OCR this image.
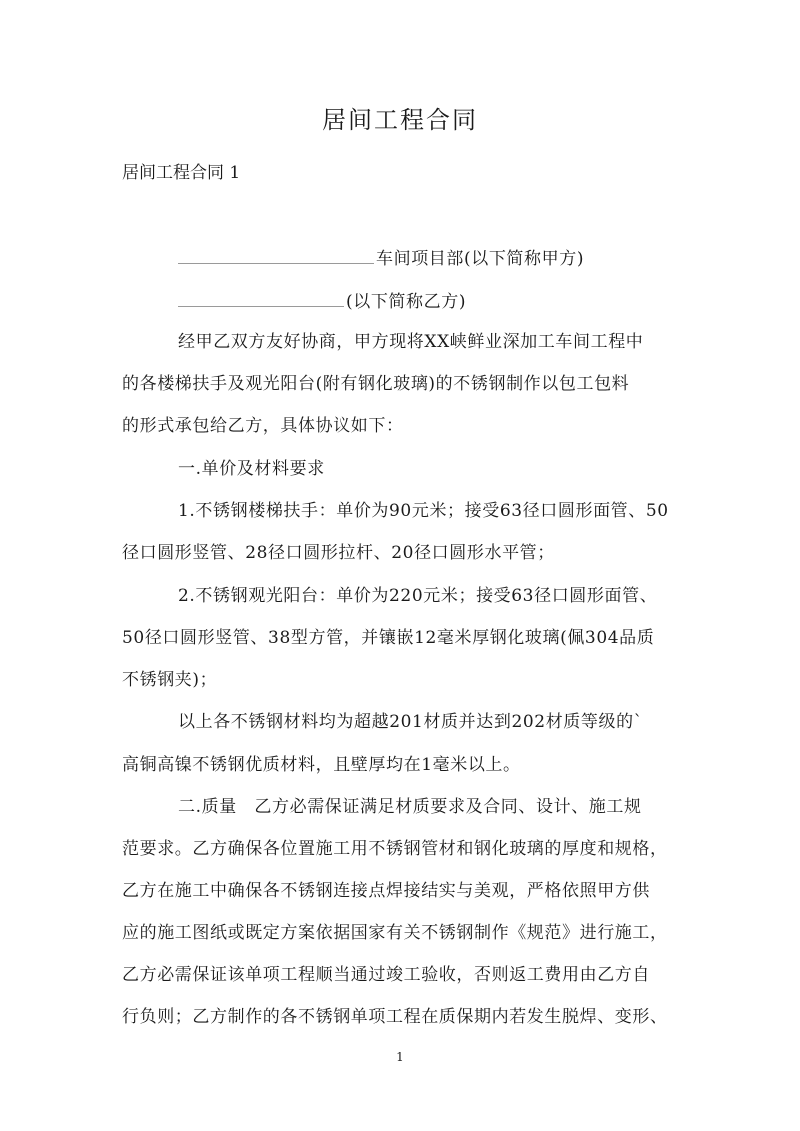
居间工程合同
居间工程合同 1
车间项目部(以下简称甲方)
(以下简称乙方)
经甲乙双方友好协商，甲方现将XX峡鲜业深加工车间工程中
的各楼梯扶手及观光阳台(附有钢化玻璃)的不锈钢制作以包工包料
的形式承包给乙方，具体协议如下：
一.单价及材料要求
1.不锈钢楼梯扶手：单价为90元米；接受63径口圆形面管、50
径口圆形竖管、28径口圆形拉杆、20径口圆形水平管；
2.不锈钢观光阳台：单价为220元米；接受63径口圆形面管、
50径口圆形竖管、38型方管，并镶嵌12毫米厚钢化玻璃(佩304品质
不锈钢夹)；
以上各不锈钢材料均为超越201材质并达到202材质等级的`
高铜高镍不锈钢优质材料，且壁厚均在1毫米以上。
二.质量　乙方必需保证满足材质要求及合同、设计、施工规
范要求。乙方确保各位置施工用不锈钢管材和钢化玻璃的厚度和规格，
乙方在施工中确保各不锈钢连接点焊接结实与美观，严格依照甲方供
应的施工图纸或既定方案依据国家有关不锈钢制作《规范》进行施工，
乙方必需保证该单项工程顺当通过竣工验收，否则返工费用由乙方自
行负则；乙方制作的各不锈钢单项工程在质保期内若发生脱焊、变形、
1
